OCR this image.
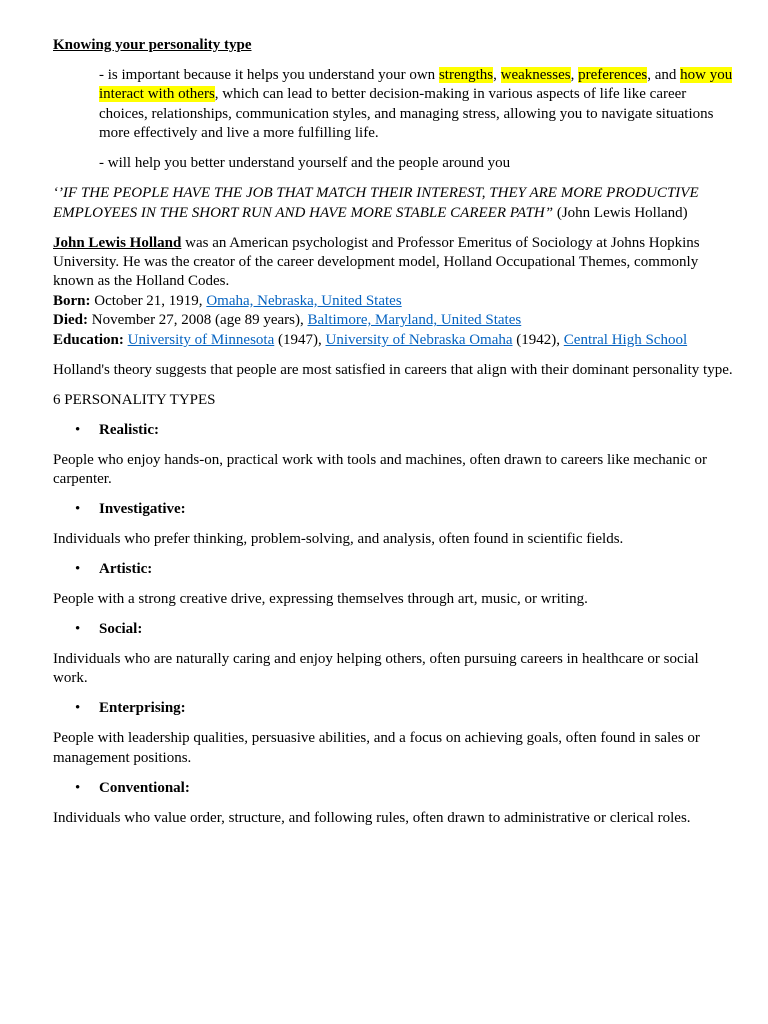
Knowing your personality type

- is important because it helps you understand your own strengths, weaknesses, preferences, and how you interact with others, which can lead to better decision-making in various aspects of life like career choices, relationships, communication styles, and managing stress, allowing you to navigate situations more effectively and live a more fulfilling life.

- will help you better understand yourself and the people around you

‘’IF THE PEOPLE HAVE THE JOB THAT MATCH THEIR INTEREST, THEY ARE MORE PRODUCTIVE EMPLOYEES IN THE SHORT RUN AND HAVE MORE STABLE CAREER PATH” (John Lewis Holland)

John Lewis Holland was an American psychologist and Professor Emeritus of Sociology at Johns Hopkins University. He was the creator of the career development model, Holland Occupational Themes, commonly known as the Holland Codes.

Born: October 21, 1919, Omaha, Nebraska, United States

Died: November 27, 2008 (age 89 years), Baltimore, Maryland, United States

Education: University of Minnesota (1947), University of Nebraska Omaha (1942), Central High School

Holland's theory suggests that people are most satisfied in careers that align with their dominant personality type.

6 PERSONALITY TYPES

• Realistic:

People who enjoy hands-on, practical work with tools and machines, often drawn to careers like mechanic or carpenter.

• Investigative:

Individuals who prefer thinking, problem-solving, and analysis, often found in scientific fields.

• Artistic:

People with a strong creative drive, expressing themselves through art, music, or writing.

• Social:

Individuals who are naturally caring and enjoy helping others, often pursuing careers in healthcare or social work.

• Enterprising:

People with leadership qualities, persuasive abilities, and a focus on achieving goals, often found in sales or management positions.

• Conventional:

Individuals who value order, structure, and following rules, often drawn to administrative or clerical roles.
